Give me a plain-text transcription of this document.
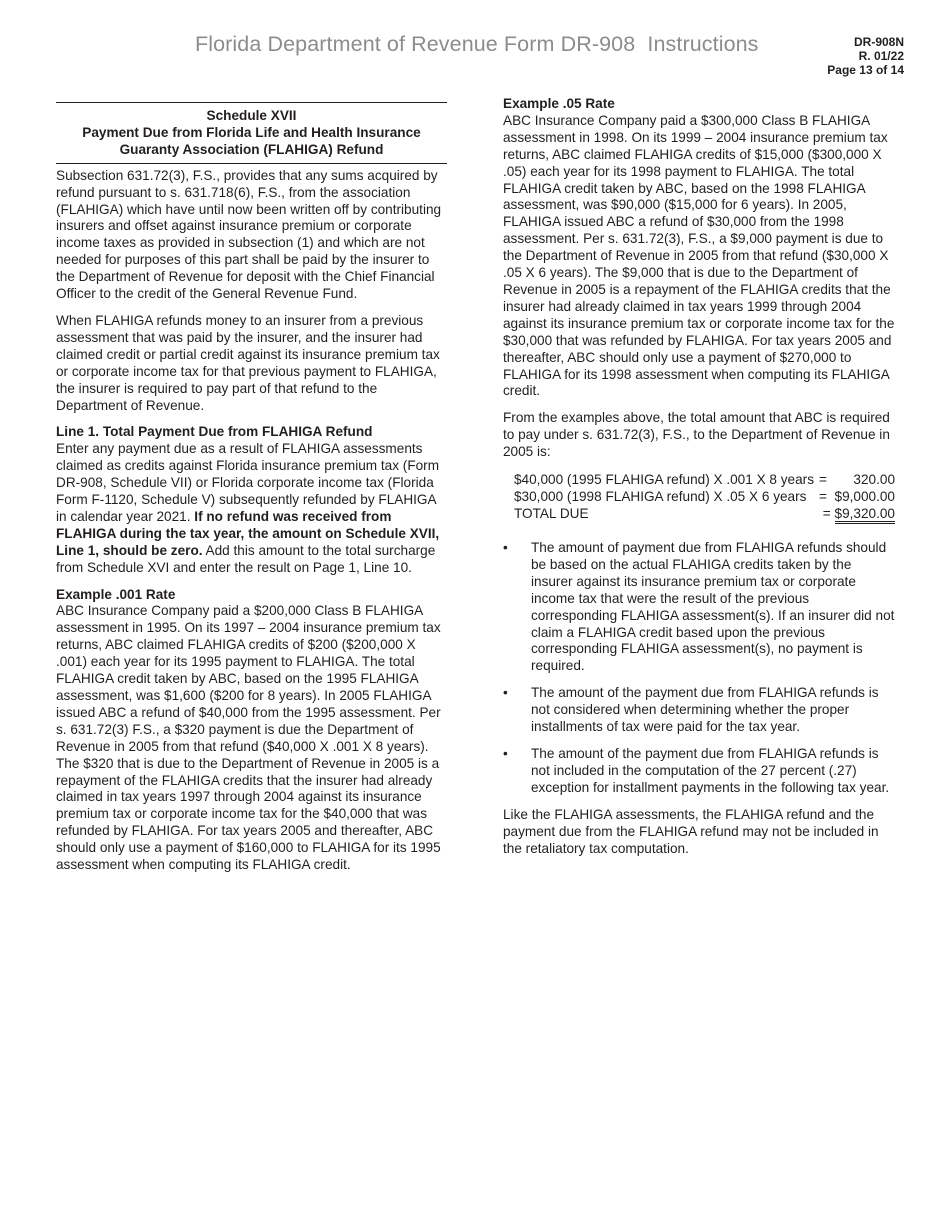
Florida Department of Revenue Form DR-908  Instructions	DR-908N
R. 01/22
Page 13 of 14
Schedule XVII
Payment Due from Florida Life and Health Insurance
Guaranty Association (FLAHIGA) Refund

Subsection 631.72(3), F.S., provides that any sums acquired by refund pursuant to s. 631.718(6), F.S., from the association (FLAHIGA) which have until now been written off by contributing insurers and offset against insurance premium or corporate income taxes as provided in subsection (1) and which are not needed for purposes of this part shall be paid by the insurer to the Department of Revenue for deposit with the Chief Financial Officer to the credit of the General Revenue Fund.

When FLAHIGA refunds money to an insurer from a previous assessment that was paid by the insurer, and the insurer had claimed credit or partial credit against its insurance premium tax or corporate income tax for that previous payment to FLAHIGA, the insurer is required to pay part of that refund to the Department of Revenue.

Line 1. Total Payment Due from FLAHIGA Refund
Enter any payment due as a result of FLAHIGA assessments claimed as credits against Florida insurance premium tax (Form DR-908, Schedule VII) or Florida corporate income tax (Florida Form F-1120, Schedule V) subsequently refunded by FLAHIGA in calendar year 2021. If no refund was received from FLAHIGA during the tax year, the amount on Schedule XVII, Line 1, should be zero. Add this amount to the total surcharge from Schedule XVI and enter the result on Page 1, Line 10.

Example .001 Rate
ABC Insurance Company paid a $200,000 Class B FLAHIGA assessment in 1995. On its 1997 – 2004 insurance premium tax returns, ABC claimed FLAHIGA credits of $200 ($200,000 X .001) each year for its 1995 payment to FLAHIGA. The total FLAHIGA credit taken by ABC, based on the 1995 FLAHIGA assessment, was $1,600 ($200 for 8 years). In 2005 FLAHIGA issued ABC a refund of $40,000 from the 1995 assessment. Per s. 631.72(3) F.S., a $320 payment is due the Department of Revenue in 2005 from that refund ($40,000 X .001 X 8 years). The $320 that is due to the Department of Revenue in 2005 is a repayment of the FLAHIGA credits that the insurer had already claimed in tax years 1997 through 2004 against its insurance premium tax or corporate income tax for the $40,000 that was refunded by FLAHIGA. For tax years 2005 and thereafter, ABC should only use a payment of $160,000 to FLAHIGA for its 1995 assessment when computing its FLAHIGA credit.

Example .05 Rate
ABC Insurance Company paid a $300,000 Class B FLAHIGA assessment in 1998. On its 1999 – 2004 insurance premium tax returns, ABC claimed FLAHIGA credits of $15,000 ($300,000 X .05) each year for its 1998 payment to FLAHIGA. The total FLAHIGA credit taken by ABC, based on the 1998 FLAHIGA assessment, was $90,000 ($15,000 for 6 years). In 2005, FLAHIGA issued ABC a refund of $30,000 from the 1998 assessment. Per s. 631.72(3), F.S., a $9,000 payment is due to the Department of Revenue in 2005 from that refund ($30,000 X .05 X 6 years). The $9,000 that is due to the Department of Revenue in 2005 is a repayment of the FLAHIGA credits that the insurer had already claimed in tax years 1999 through 2004 against its insurance premium tax or corporate income tax for the $30,000 that was refunded by FLAHIGA. For tax years 2005 and thereafter, ABC should only use a payment of $270,000 to FLAHIGA for its 1998 assessment when computing its FLAHIGA credit.

From the examples above, the total amount that ABC is required to pay under s. 631.72(3), F.S., to the Department of Revenue in 2005 is:

$40,000 (1995 FLAHIGA refund) X .001 X 8 years = 320.00
$30,000 (1998 FLAHIGA refund) X .05 X 6 years = $9,000.00
TOTAL DUE	= $9,320.00
• The amount of payment due from FLAHIGA refunds should be based on the actual FLAHIGA credits taken by the insurer against its insurance premium tax or corporate income tax that were the result of the previous corresponding FLAHIGA assessment(s). If an insurer did not claim a FLAHIGA credit based upon the previous corresponding FLAHIGA assessment(s), no payment is required.
• The amount of the payment due from FLAHIGA refunds is not considered when determining whether the proper installments of tax were paid for the tax year.
• The amount of the payment due from FLAHIGA refunds is not included in the computation of the 27 percent (.27) exception for installment payments in the following tax year.

Like the FLAHIGA assessments, the FLAHIGA refund and the payment due from the FLAHIGA refund may not be included in the retaliatory tax computation.
